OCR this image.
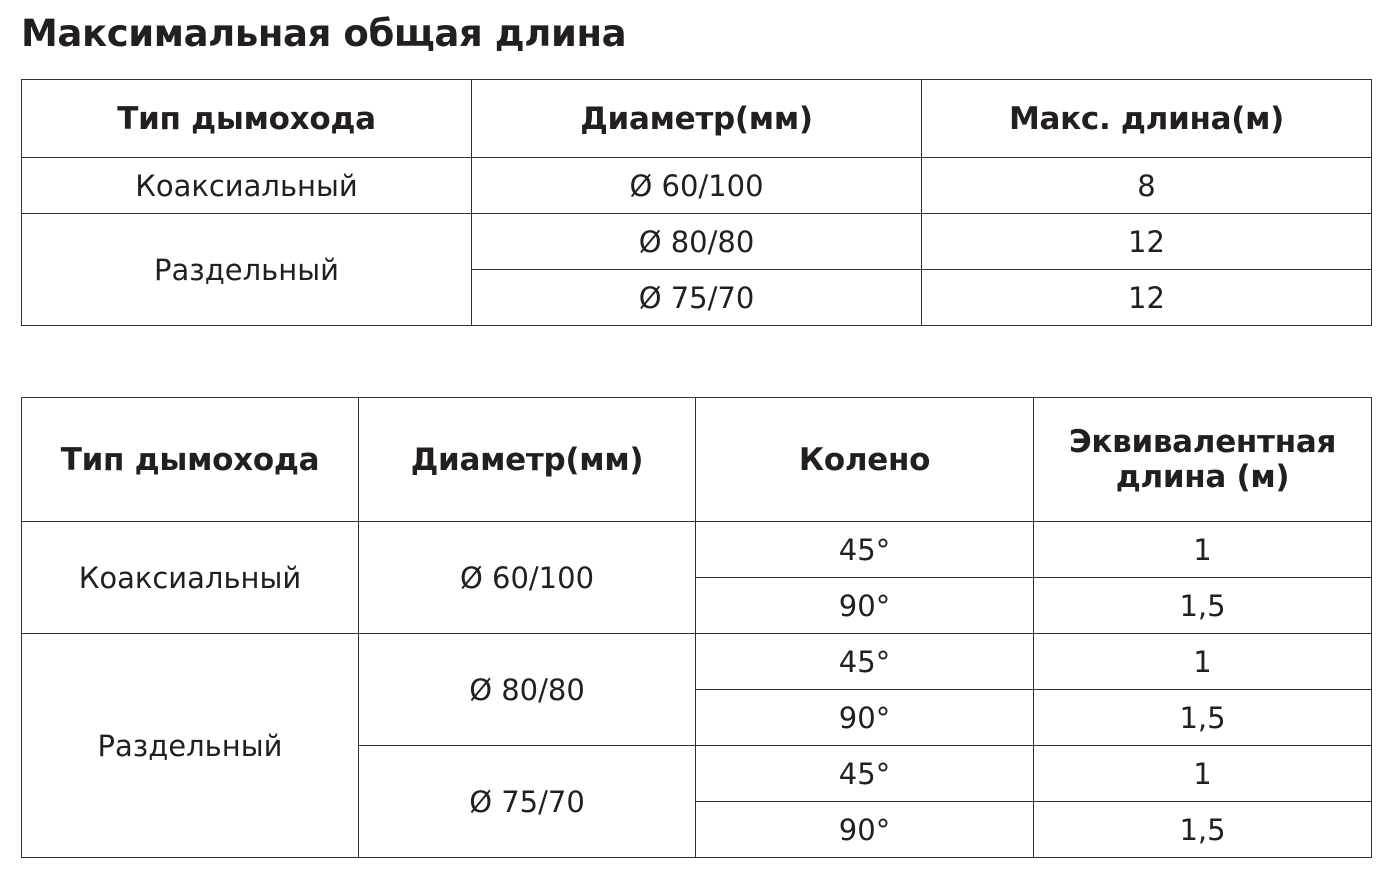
Максимальная общая длина
Тип дымохода	Диаметр(мм)	Макс. длина(м)
Коаксиальный	Ø 60/100	8
Раздельный	Ø 80/80	12
	Ø 75/70	12
Тип дымохода	Диаметр(мм)	Колено	Эквивалентная длина (м)
Коаксиальный	Ø 60/100	45°	1
		90°	1,5
Раздельный	Ø 80/80	45°	1
		90°	1,5
	Ø 75/70	45°	1
		90°	1,5
